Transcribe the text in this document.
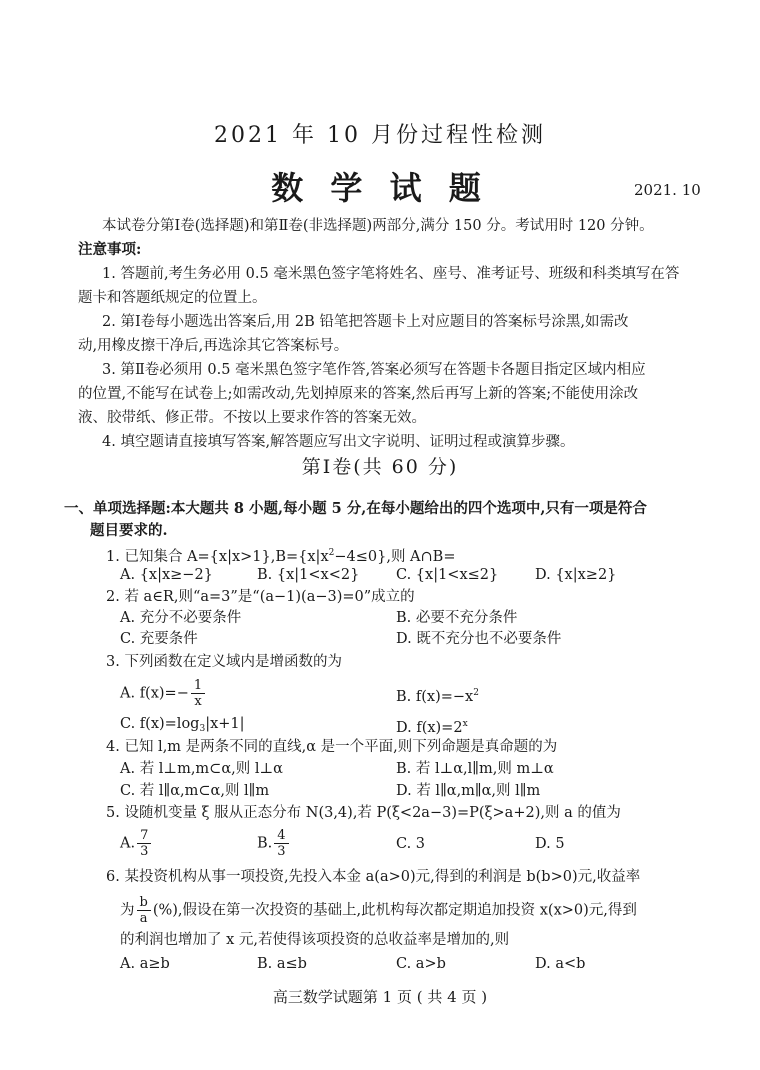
2021 年 10 月份过程性检测
数 学 试 题	2021. 10
本试卷分第Ⅰ卷(选择题)和第Ⅱ卷(非选择题)两部分,满分 150 分。考试用时 120 分钟。
注意事项:
1. 答题前,考生务必用 0.5 毫米黑色签字笔将姓名、座号、准考证号、班级和科类填写在答
题卡和答题纸规定的位置上。
2. 第Ⅰ卷每小题选出答案后,用 2B 铅笔把答题卡上对应题目的答案标号涂黑,如需改
动,用橡皮擦干净后,再选涂其它答案标号。
3. 第Ⅱ卷必须用 0.5 毫米黑色签字笔作答,答案必须写在答题卡各题目指定区域内相应
的位置,不能写在试卷上;如需改动,先划掉原来的答案,然后再写上新的答案;不能使用涂改
液、胶带纸、修正带。不按以上要求作答的答案无效。
4. 填空题请直接填写答案,解答题应写出文字说明、证明过程或演算步骤。
第Ⅰ卷(共 60 分)
一、单项选择题:本大题共 8 小题,每小题 5 分,在每小题给出的四个选项中,只有一项是符合
题目要求的.
1. 已知集合 $A=\{x|x>1\},B=\{x|x^2-4\le 0\}$,则 A∩B=
A. {x|x≥−2}	B. {x|1<x<2}	C. {x|1<x≤2}	D. {x|x≥2}
2. 若 a∈R,则“a=3”是“(a−1)(a−3)=0”成立的
A. 充分不必要条件	B. 必要不充分条件
C. 充要条件	D. 既不充分也不必要条件
3. 下列函数在定义域内是增函数的为
A. $f(x)=- \frac{1}{x}$	B. $f(x)=-x^2$
C. $f(x)=\log_3|x+1|$	D. $f(x)=2^x$
4. 已知 l,m 是两条不同的直线,α 是一个平面,则下列命题是真命题的为
A. 若 l⊥m,m⊂α,则 l⊥α	B. 若 l⊥α,l∥m,则 m⊥α
C. 若 l∥α,m⊂α,则 l∥m	D. 若 l∥α,m∥α,则 l∥m
5. 设随机变量 ξ 服从正态分布 N(3,4),若 P(ξ<2a−3)=P(ξ>a+2),则 a 的值为
A. $\frac{7}{3}$	B. $\frac{4}{3}$	C. 3	D. 5
6. 某投资机构从事一项投资,先投入本金 a(a>0)元,得到的利润是 b(b>0)元,收益率
为 $\frac{b}{a}$ (%),假设在第一次投资的基础上,此机构每次都定期追加投资 x(x>0)元,得到
的利润也增加了 x 元,若使得该项投资的总收益率是增加的,则
A. a≥b	B. a≤b	C. a>b	D. a<b
高三数学试题第 1 页 ( 共 4 页 )
